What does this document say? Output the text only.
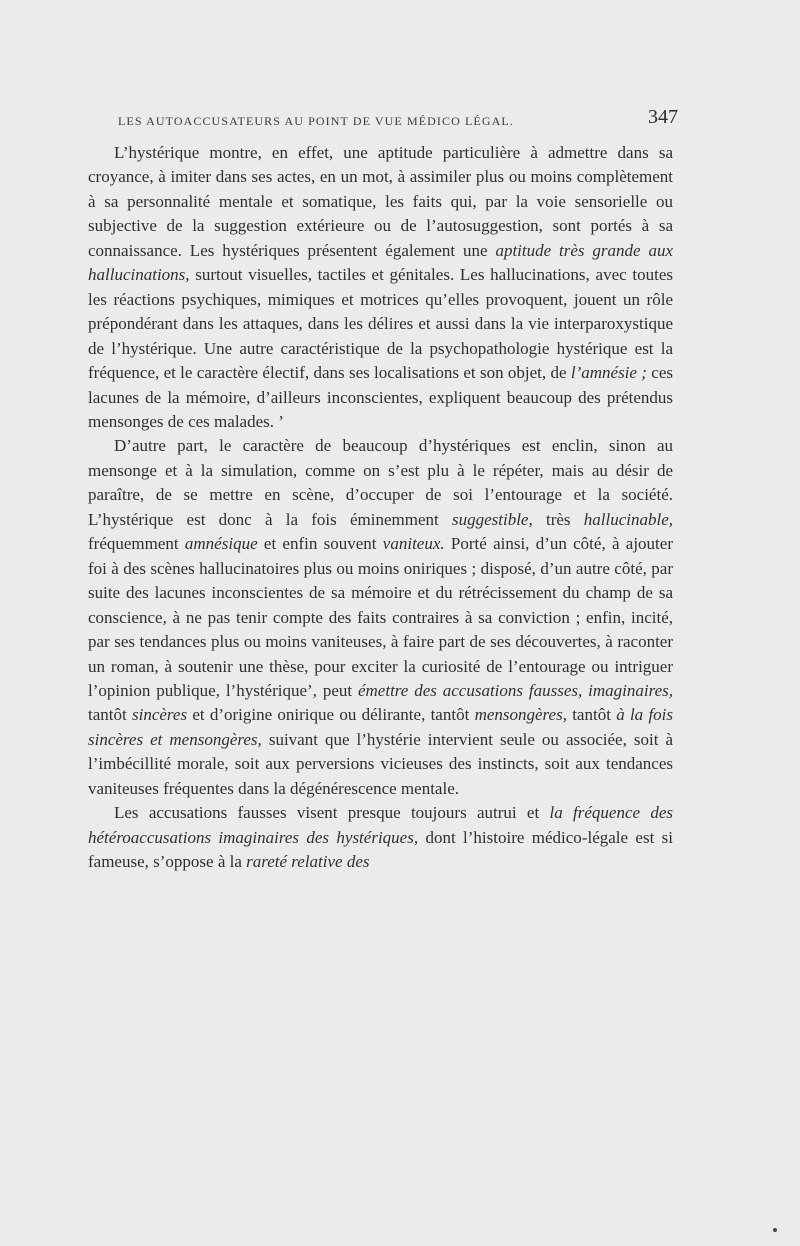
LES AUTOACCUSATEURS AU POINT DE VUE MÉDICO LÉGAL.	347

L’hystérique montre, en effet, une aptitude particulière à admettre dans sa croyance, à imiter dans ses actes, en un mot, à assimiler plus ou moins complètement à sa personnalité mentale et somatique, les faits qui, par la voie sensorielle ou subjective de la suggestion extérieure ou de l’autosuggestion, sont portés à sa connaissance. Les hystériques présentent également une aptitude très grande aux hallucinations, surtout visuelles, tactiles et génitales. Les hallucinations, avec toutes les réactions psychiques, mimiques et motrices qu’elles provoquent, jouent un rôle prépondérant dans les attaques, dans les délires et aussi dans la vie interparoxystique de l’hystérique. Une autre caractéristique de la psychopathologie hystérique est la fréquence, et le caractère électif, dans ses localisations et son objet, de l’amnésie ; ces lacunes de la mémoire, d’ailleurs inconscientes, expliquent beaucoup des prétendus mensonges de ces malades. ’

D’autre part, le caractère de beaucoup d’hystériques est enclin, sinon au mensonge et à la simulation, comme on s’est plu à le répéter, mais au désir de paraître, de se mettre en scène, d’occuper de soi l’entourage et la société. L’hystérique est donc à la fois éminemment suggestible, très hallucinable, fréquemment amnésique et enfin souvent vaniteux. Porté ainsi, d’un côté, à ajouter foi à des scènes hallucinatoires plus ou moins oniriques ; disposé, d’un autre côté, par suite des lacunes inconscientes de sa mémoire et du rétrécissement du champ de sa conscience, à ne pas tenir compte des faits contraires à sa conviction ; enfin, incité, par ses tendances plus ou moins vaniteuses, à faire part de ses découvertes, à raconter un roman, à soutenir une thèse, pour exciter la curiosité de l’entourage ou intriguer l’opinion publique, l’hystérique’, peut émettre des accusations fausses, imaginaires, tantôt sincères et d’origine onirique ou délirante, tantôt mensongères, tantôt à la fois sincères et mensongères, suivant que l’hystérie intervient seule ou associée, soit à l’imbécillité morale, soit aux perversions vicieuses des instincts, soit aux tendances vaniteuses fréquentes dans la dégénérescence mentale.

Les accusations fausses visent presque toujours autrui et la fréquence des hétéroaccusations imaginaires des hystériques, dont l’histoire médico-légale est si fameuse, s’oppose à la rareté relative des
